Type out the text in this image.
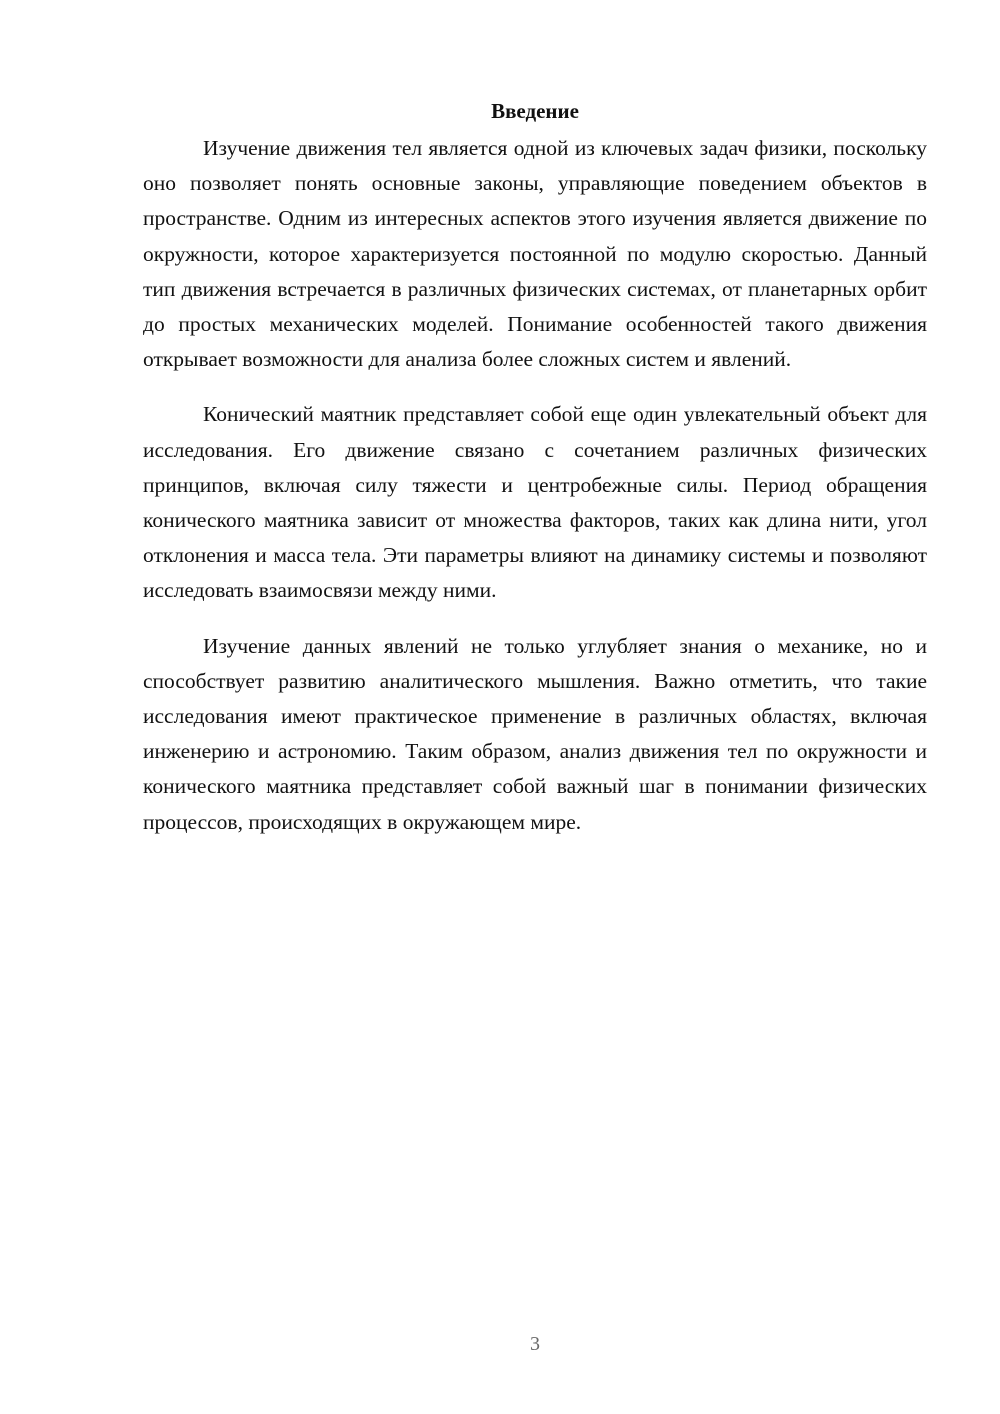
Введение

Изучение движения тел является одной из ключевых задач физики, поскольку оно позволяет понять основные законы, управляющие поведением объектов в пространстве. Одним из интересных аспектов этого изучения является движение по окружности, которое характеризуется постоянной по модулю скоростью. Данный тип движения встречается в различных физических системах, от планетарных орбит до простых механических моделей. Понимание особенностей такого движения открывает возможности для анализа более сложных систем и явлений.

Конический маятник представляет собой еще один увлекательный объект для исследования. Его движение связано с сочетанием различных физических принципов, включая силу тяжести и центробежные силы. Период обращения конического маятника зависит от множества факторов, таких как длина нити, угол отклонения и масса тела. Эти параметры влияют на динамику системы и позволяют исследовать взаимосвязи между ними.

Изучение данных явлений не только углубляет знания о механике, но и способствует развитию аналитического мышления. Важно отметить, что такие исследования имеют практическое применение в различных областях, включая инженерию и астрономию. Таким образом, анализ движения тел по окружности и конического маятника представляет собой важный шаг в понимании физических процессов, происходящих в окружающем мире.

3
